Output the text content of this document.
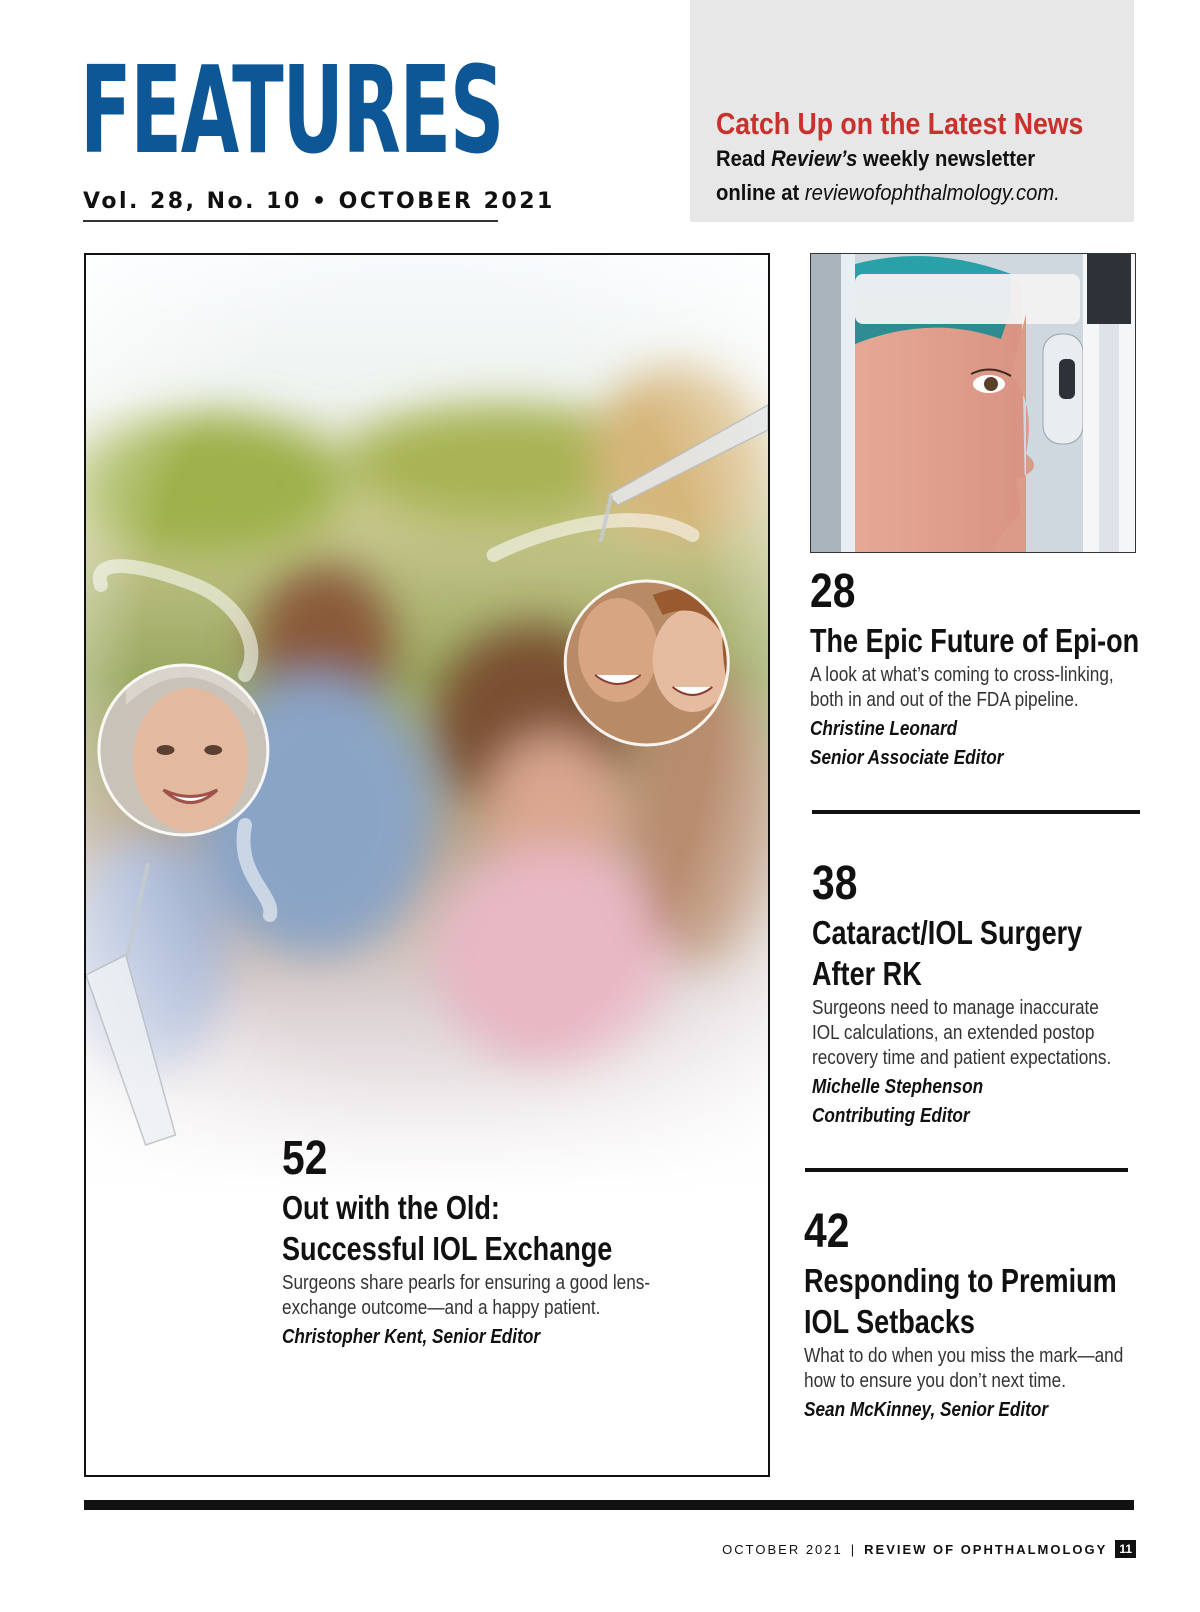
FEATURES
Vol. 28, No. 10 • OCTOBER 2021
Catch Up on the Latest News
Read Review’s weekly newsletter
online at reviewofophthalmology.com.
52
Out with the Old:
Successful IOL Exchange
Surgeons share pearls for ensuring a good lens-
exchange outcome—and a happy patient.
Christopher Kent, Senior Editor
28
The Epic Future of Epi-on
A look at what’s coming to cross-linking,
both in and out of the FDA pipeline.
Christine Leonard
Senior Associate Editor
38
Cataract/IOL Surgery
After RK
Surgeons need to manage inaccurate
IOL calculations, an extended postop
recovery time and patient expectations.
Michelle Stephenson
Contributing Editor
42
Responding to Premium
IOL Setbacks
What to do when you miss the mark—and
how to ensure you don’t next time.
Sean McKinney, Senior Editor
OCTOBER 2021 | REVIEW OF OPHTHALMOLOGY	11
